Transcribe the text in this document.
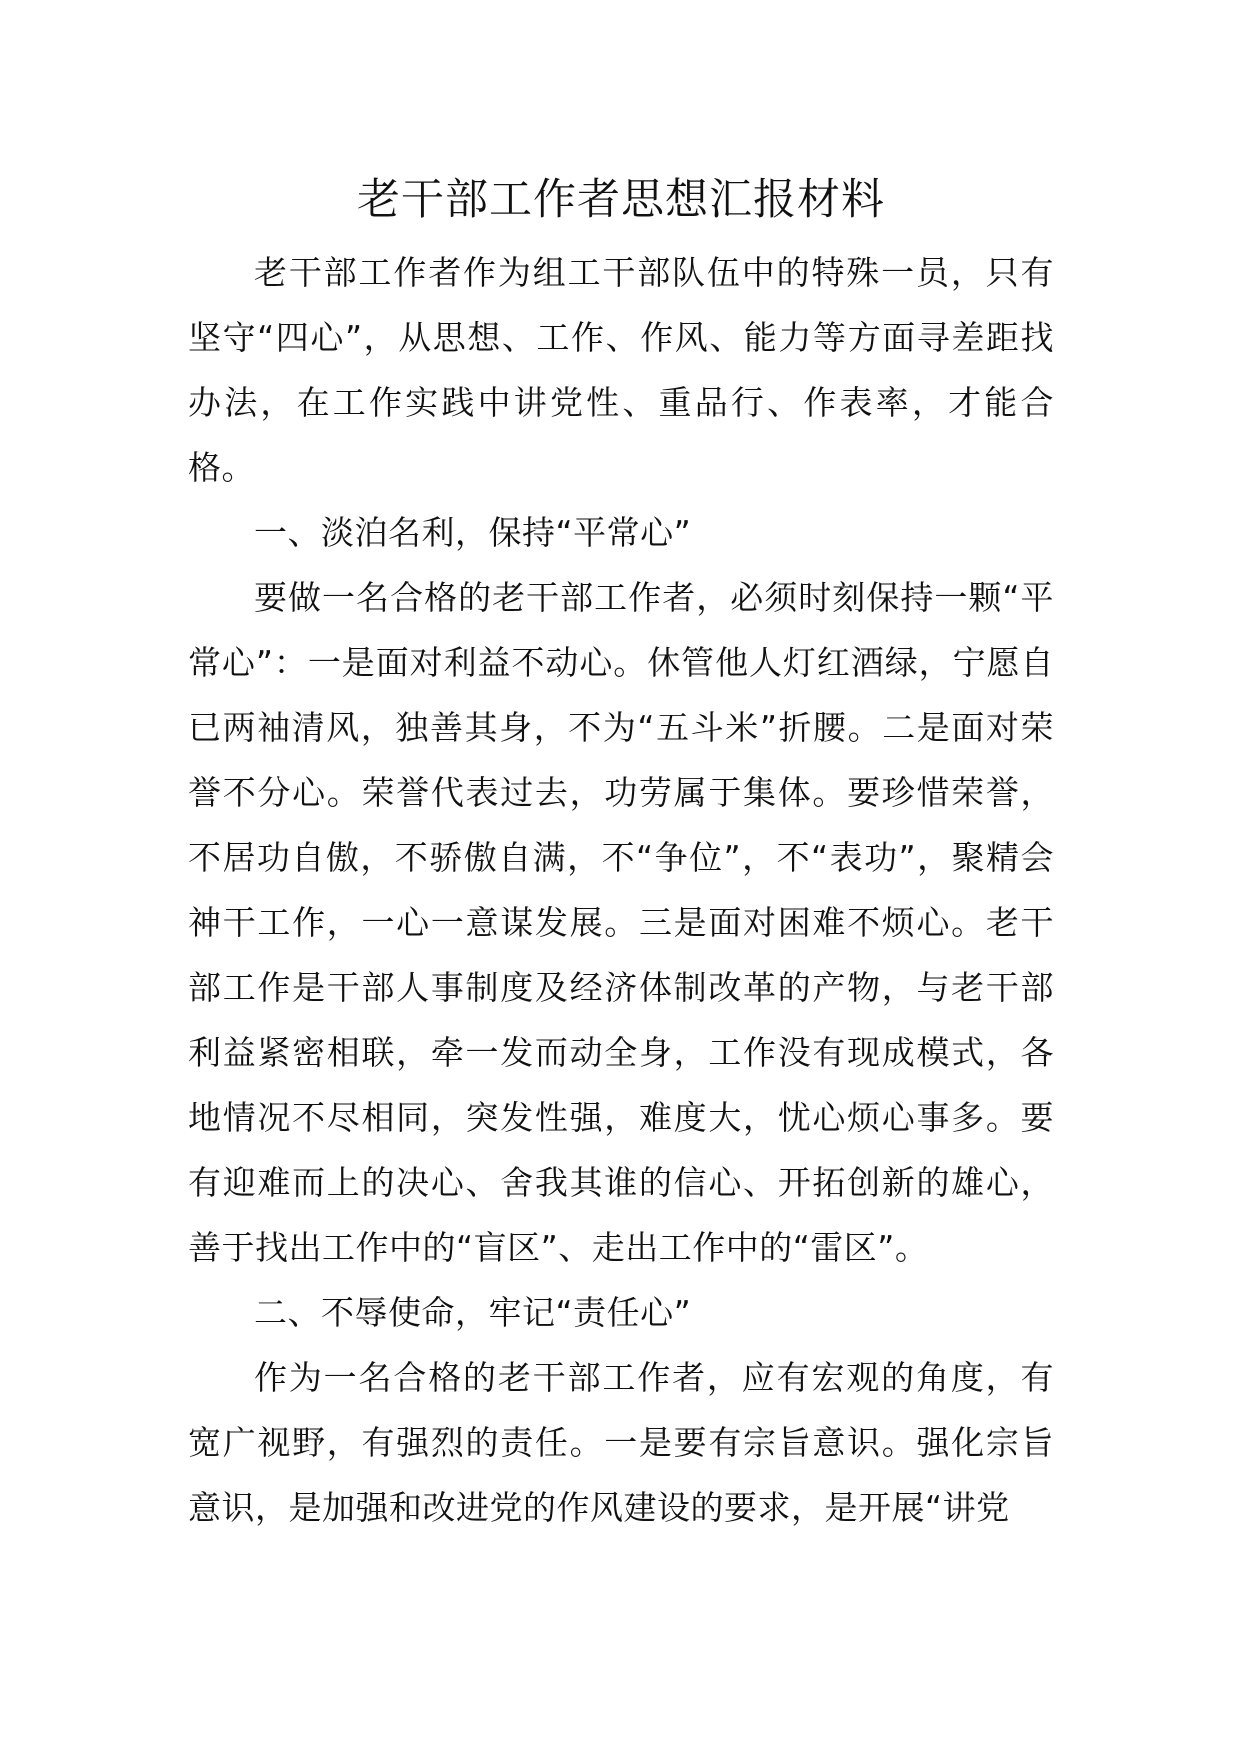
老干部工作者思想汇报材料

老干部工作者作为组工干部队伍中的特殊一员，只有坚守“四心”，从思想、工作、作风、能力等方面寻差距找办法，在工作实践中讲党性、重品行、作表率，才能合格。

一、淡泊名利，保持“平常心”

要做一名合格的老干部工作者，必须时刻保持一颗“平常心”：一是面对利益不动心。休管他人灯红酒绿，宁愿自已两袖清风，独善其身，不为“五斗米”折腰。二是面对荣誉不分心。荣誉代表过去，功劳属于集体。要珍惜荣誉，不居功自傲，不骄傲自满，不“争位”，不“表功”，聚精会神干工作，一心一意谋发展。三是面对困难不烦心。老干部工作是干部人事制度及经济体制改革的产物，与老干部利益紧密相联，牵一发而动全身，工作没有现成模式，各地情况不尽相同，突发性强，难度大，忧心烦心事多。要有迎难而上的决心、舍我其谁的信心、开拓创新的雄心，善于找出工作中的“盲区”、走出工作中的“雷区”。

二、不辱使命，牢记“责任心”

作为一名合格的老干部工作者，应有宏观的角度，有宽广视野，有强烈的责任。一是要有宗旨意识。强化宗旨意识，是加强和改进党的作风建设的要求，是开展“讲党
